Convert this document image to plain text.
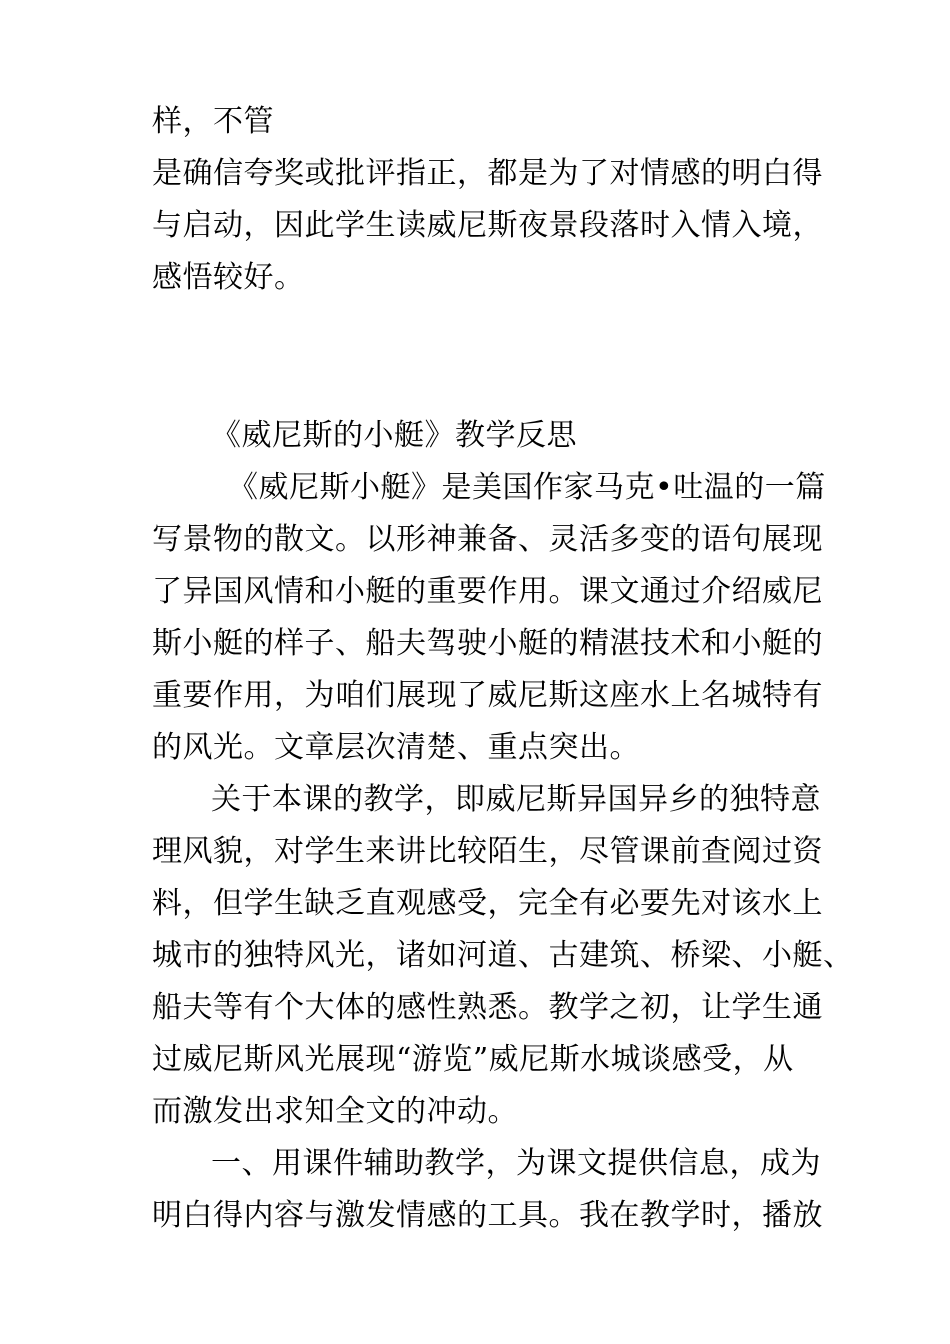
样，不管
是确信夸奖或批评指正，都是为了对情感的明白得
与启动，因此学生读威尼斯夜景段落时入情入境，
感悟较好。
《威尼斯的小艇》教学反思
《威尼斯小艇》是美国作家马克•吐温的一篇
写景物的散文。以形神兼备、灵活多变的语句展现
了异国风情和小艇的重要作用。课文通过介绍威尼
斯小艇的样子、船夫驾驶小艇的精湛技术和小艇的
重要作用，为咱们展现了威尼斯这座水上名城特有
的风光。文章层次清楚、重点突出。
关于本课的教学，即威尼斯异国异乡的独特意
理风貌，对学生来讲比较陌生，尽管课前查阅过资
料，但学生缺乏直观感受，完全有必要先对该水上
城市的独特风光，诸如河道、古建筑、桥梁、小艇、
船夫等有个大体的感性熟悉。教学之初，让学生通
过威尼斯风光展现“游览”威尼斯水城谈感受，从
而激发出求知全文的冲动。
一、用课件辅助教学，为课文提供信息，成为
明白得内容与激发情感的工具。我在教学时，播放
